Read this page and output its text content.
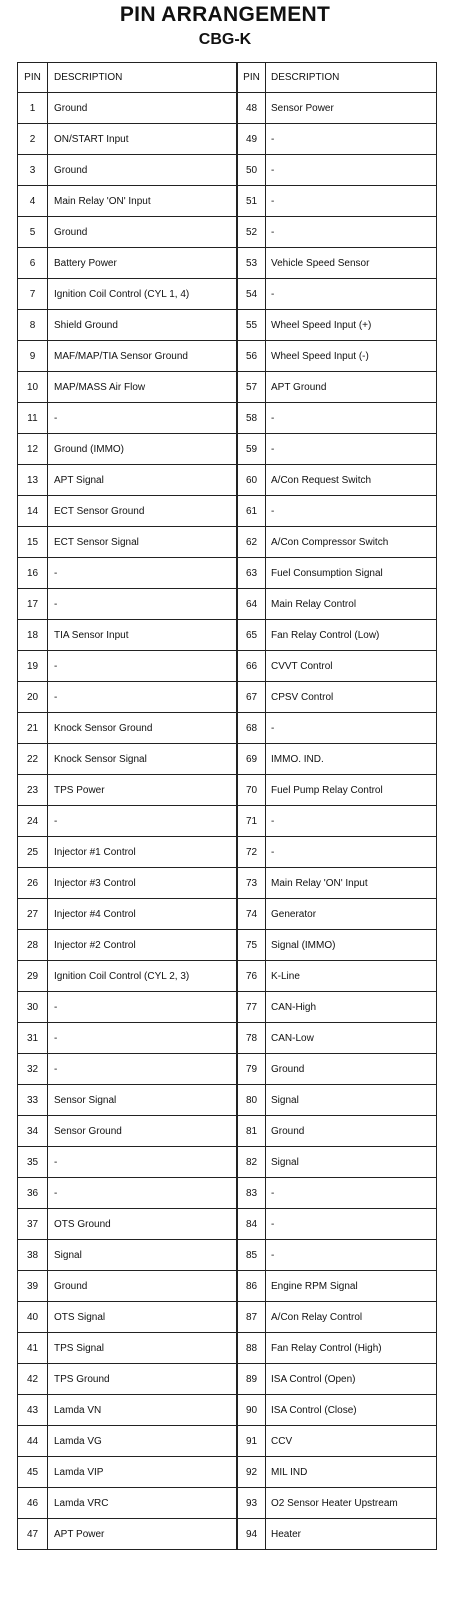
PIN ARRANGEMENT
CBG-K
PIN	DESCRIPTION	PIN	DESCRIPTION
1	Ground	48	Sensor Power
2	ON/START Input	49	-
3	Ground	50	-
4	Main Relay 'ON' Input	51	-
5	Ground	52	-
6	Battery Power	53	Vehicle Speed Sensor
7	Ignition Coil Control (CYL 1, 4)	54	-
8	Shield Ground	55	Wheel Speed Input (+)
9	MAF/MAP/TIA Sensor Ground	56	Wheel Speed Input (-)
10	MAP/MASS Air Flow	57	APT Ground
11	-	58	-
12	Ground (IMMO)	59	-
13	APT Signal	60	A/Con Request Switch
14	ECT Sensor Ground	61	-
15	ECT Sensor Signal	62	A/Con Compressor Switch
16	-	63	Fuel Consumption Signal
17	-	64	Main Relay Control
18	TIA Sensor Input	65	Fan Relay Control (Low)
19	-	66	CVVT Control
20	-	67	CPSV Control
21	Knock Sensor Ground	68	-
22	Knock Sensor Signal	69	IMMO. IND.
23	TPS Power	70	Fuel Pump Relay Control
24	-	71	-
25	Injector #1 Control	72	-
26	Injector #3 Control	73	Main Relay 'ON' Input
27	Injector #4 Control	74	Generator
28	Injector #2 Control	75	Signal (IMMO)
29	Ignition Coil Control (CYL 2, 3)	76	K-Line
30	-	77	CAN-High
31	-	78	CAN-Low
32	-	79	Ground
33	Sensor Signal	80	Signal
34	Sensor Ground	81	Ground
35	-	82	Signal
36	-	83	-
37	OTS Ground	84	-
38	Signal	85	-
39	Ground	86	Engine RPM Signal
40	OTS Signal	87	A/Con Relay Control
41	TPS Signal	88	Fan Relay Control (High)
42	TPS Ground	89	ISA Control (Open)
43	Lamda VN	90	ISA Control (Close)
44	Lamda VG	91	CCV
45	Lamda VIP	92	MIL IND
46	Lamda VRC	93	O2 Sensor Heater Upstream
47	APT Power	94	Heater
